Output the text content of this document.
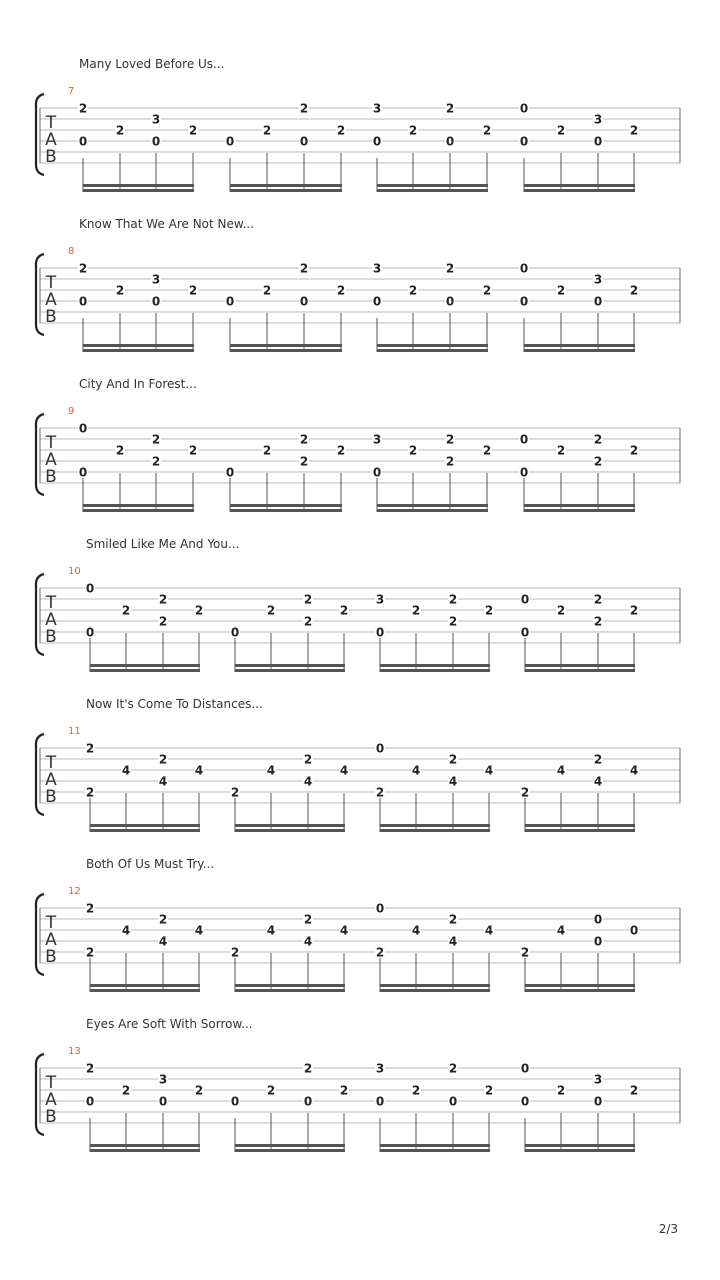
Many Loved Before Us...
7
T
A
B
2
0
2
3
0
2
0
2
2
0
2
3
0
2
2
0
2
0
0
2
3
0
2
Know That We Are Not New...
8
T
A
B
2
0
2
3
0
2
0
2
2
0
2
3
0
2
2
0
2
0
0
2
3
0
2
City And In Forest...
9
T
A
B
0
0
2
2
2
2
0
2
2
2
2
3
0
2
2
2
2
0
0
2
2
2
2
Smiled Like Me And You...
10
T
A
B
0
0
2
2
2
2
0
2
2
2
2
3
0
2
2
2
2
0
0
2
2
2
2
Now It's Come To Distances...
11
T
A
B
2
2
4
2
4
4
2
4
2
4
4
0
2
4
2
4
4
2
4
2
4
4
Both Of Us Must Try...
12
T
A
B
2
2
4
2
4
4
2
4
2
4
4
0
2
4
2
4
4
2
4
0
0
0
Eyes Are Soft With Sorrow...
13
T
A
B
2
0
2
3
0
2
0
2
2
0
2
3
0
2
2
0
2
0
0
2
3
0
2
2/3
